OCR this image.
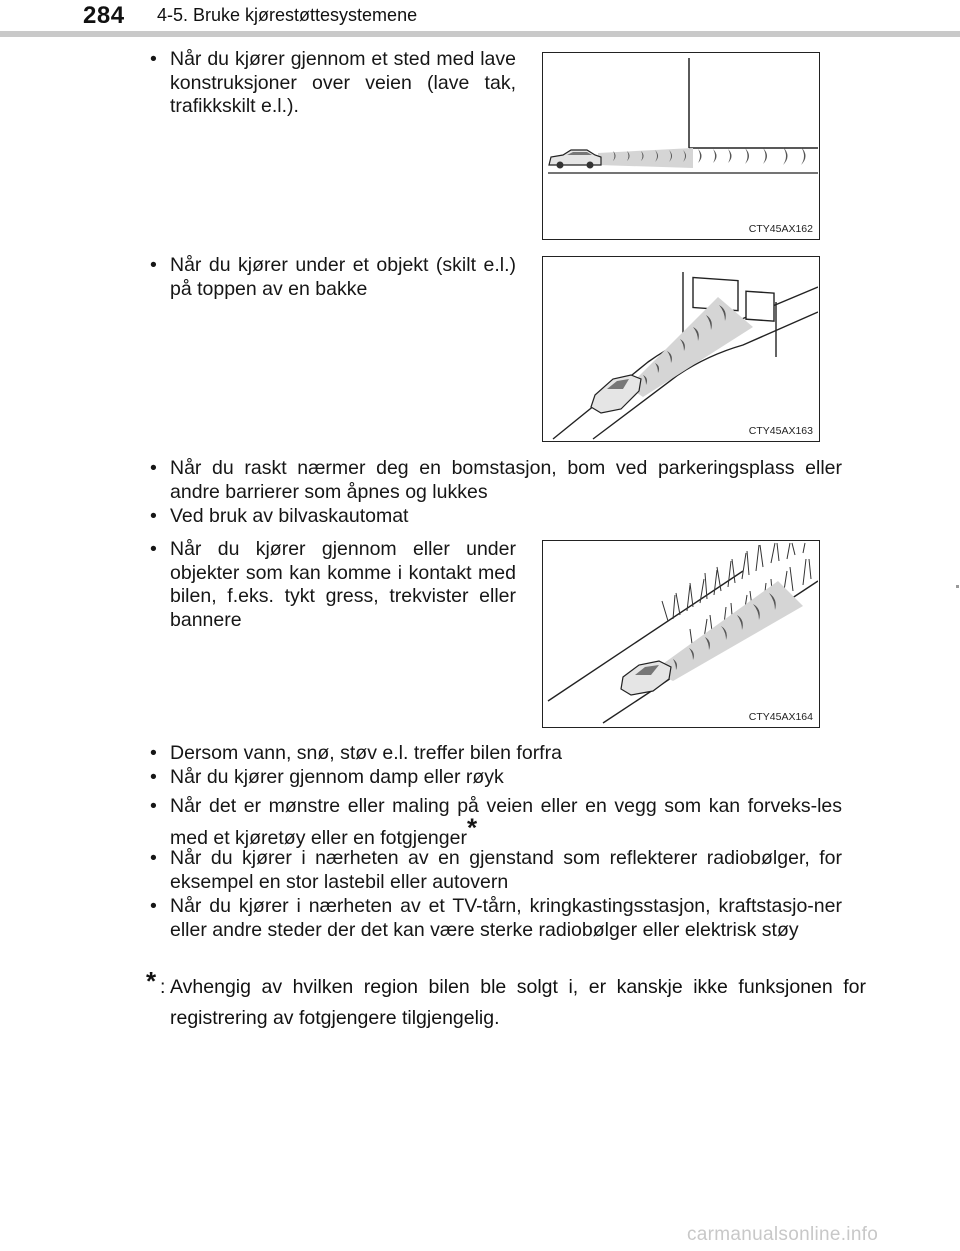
284 4-5. Bruke kjørestøttesystemene
• Når du kjører gjennom et sted med lave konstruksjoner over veien (lave tak, trafikkskilt e.l.).
CTY45AX162
• Når du kjører under et objekt (skilt e.l.) på toppen av en bakke
CTY45AX163
• Når du raskt nærmer deg en bomstasjon, bom ved parkeringsplass eller andre barrierer som åpnes og lukkes
• Ved bruk av bilvaskautomat
• Når du kjører gjennom eller under objekter som kan komme i kontakt med bilen, f.eks. tykt gress, trekvister eller bannere
CTY45AX164
• Dersom vann, snø, støv e.l. treffer bilen forfra
• Når du kjører gjennom damp eller røyk
• Når det er mønstre eller maling på veien eller en vegg som kan forveks-les med et kjøretøy eller en fotgjenger*
• Når du kjører i nærheten av en gjenstand som reflekterer radiobølger, for eksempel en stor lastebil eller autovern
• Når du kjører i nærheten av et TV-tårn, kringkastingsstasjon, kraftstasjo-ner eller andre steder der det kan være sterke radiobølger eller elektrisk støy
* : Avhengig av hvilken region bilen ble solgt i, er kanskje ikke funksjonen for registrering av fotgjengere tilgjengelig.
carmanualsonline.info
